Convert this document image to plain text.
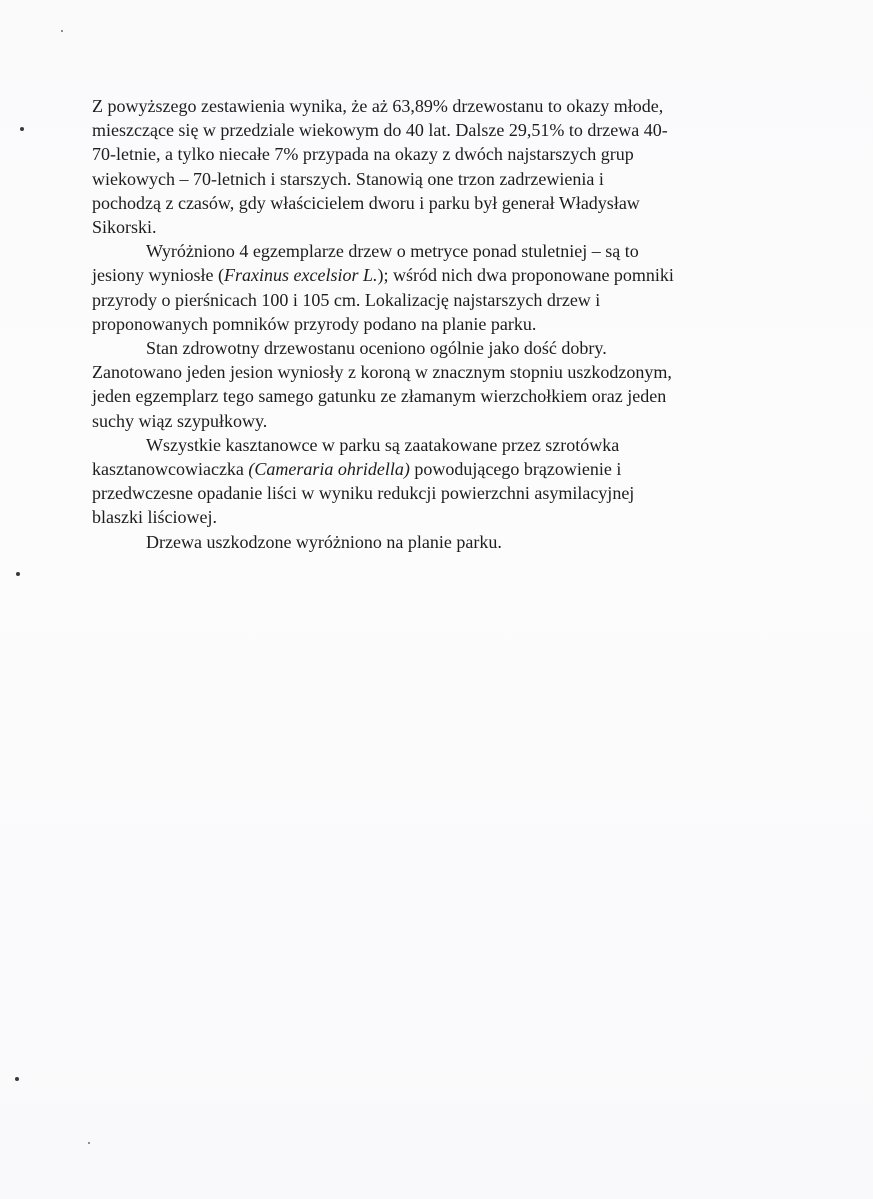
Z powyższego zestawienia wynika, że aż 63,89% drzewostanu to okazy młode,
mieszczące się w przedziale wiekowym do 40 lat. Dalsze 29,51% to drzewa 40-
70-letnie, a tylko niecałe 7% przypada na okazy z dwóch najstarszych grup
wiekowych – 70-letnich i starszych. Stanowią one trzon zadrzewienia i
pochodzą z czasów, gdy właścicielem dworu i parku był generał Władysław
Sikorski.
Wyróżniono 4 egzemplarze drzew o metryce ponad stuletniej – są to
jesiony wyniosłe (Fraxinus excelsior L.); wśród nich dwa proponowane pomniki
przyrody o pierśnicach 100 i 105 cm. Lokalizację najstarszych drzew i
proponowanych pomników przyrody podano na planie parku.
Stan zdrowotny drzewostanu oceniono ogólnie jako dość dobry.
Zanotowano jeden jesion wyniosły z koroną w znacznym stopniu uszkodzonym,
jeden egzemplarz tego samego gatunku ze złamanym wierzchołkiem oraz jeden
suchy wiąz szypułkowy.
Wszystkie kasztanowce w parku są zaatakowane przez szrotówka
kasztanowcowiaczka (Cameraria ohridella) powodującego brązowienie i
przedwczesne opadanie liści w wyniku redukcji powierzchni asymilacyjnej
blaszki liściowej.
Drzewa uszkodzone wyróżniono na planie parku.
